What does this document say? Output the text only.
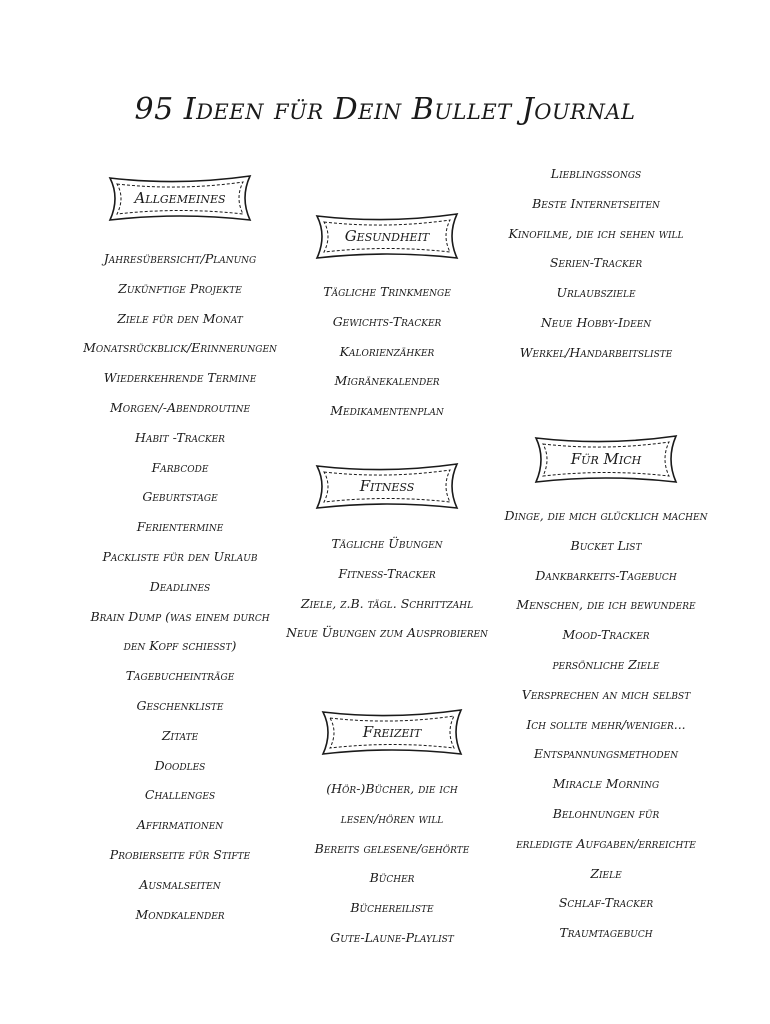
95 Ideen für Dein Bullet Journal
Allgemeines
Jahresübersicht/Planung
Zukünftige Projekte
Ziele für den Monat
Monatsrückblick/Erinnerungen
Wiederkehrende Termine
Morgen/-Abendroutine
Habit -Tracker
Farbcode
Geburtstage
Ferientermine
Packliste für den Urlaub
Deadlines
Brain Dump (was einem durch
den Kopf schiesst)
Tagebucheinträge
Geschenkliste
Zitate
Doodles
Challenges
Affirmationen
Probierseite für Stifte
Ausmalseiten
Mondkalender
Gesundheit
Tägliche Trinkmenge
Gewichts-Tracker
Kalorienzähker
Migränekalender
Medikamentenplan
Fitness
Tägliche Übungen
Fitness-Tracker
Ziele, z.B. tägl. Schrittzahl
Neue Übungen zum Ausprobieren
Freizeit
(Hör-)Bücher, die ich
lesen/hören will
Bereits gelesene/gehörte
Bücher
Büchereiliste
Gute-Laune-Playlist
Lieblingssongs
Beste Internetseiten
Kinofilme, die ich sehen will
Serien-Tracker
Urlaubsziele
Neue Hobby-Ideen
Werkel/Handarbeitsliste
Für Mich
Dinge, die mich glücklich machen
Bucket List
Dankbarkeits-Tagebuch
Menschen, die ich bewundere
Mood-Tracker
persönliche Ziele
Versprechen an mich selbst
Ich sollte mehr/weniger...
Entspannungsmethoden
Miracle Morning
Belohnungen für
erledigte Aufgaben/erreichte
Ziele
Schlaf-Tracker
Traumtagebuch
